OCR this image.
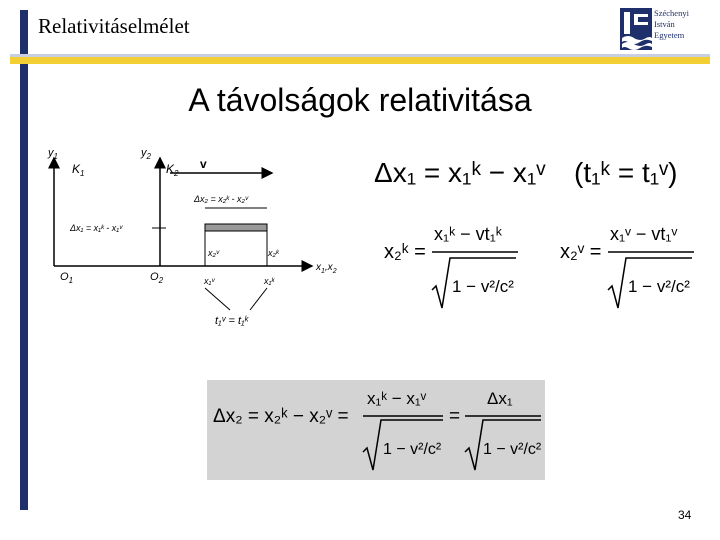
Relativitáselmélet
Széchenyi
István
Egyetem
A távolságok relativitása
$y_1$	$y_2$
$K_1$	$K_2$
v
Δx₂ = x₂ᵏ - x₂ᵛ
Δx₁ = x₁ᵏ - x₁ᵛ
x₂ᵛ	x₂ᵏ
$O_1$	$O_2$	x₁ᵛ	x₁ᵏ
$x_1,x_2$
t₁ᵛ = t₁ᵏ
Δx₁ = x₁ᵏ − x₁ᵛ (t₁ᵏ = t₁ᵛ)
x₂ᵏ =
x₁ᵏ − vt₁ᵏ
1 − v²/c²
x₂ᵛ =
x₁ᵛ − vt₁ᵛ
1 − v²/c²
Δx₂ = x₂ᵏ − x₂ᵛ =
x₁ᵏ − x₁ᵛ
1 − v²/c²
=
Δx₁
1 − v²/c²
34
